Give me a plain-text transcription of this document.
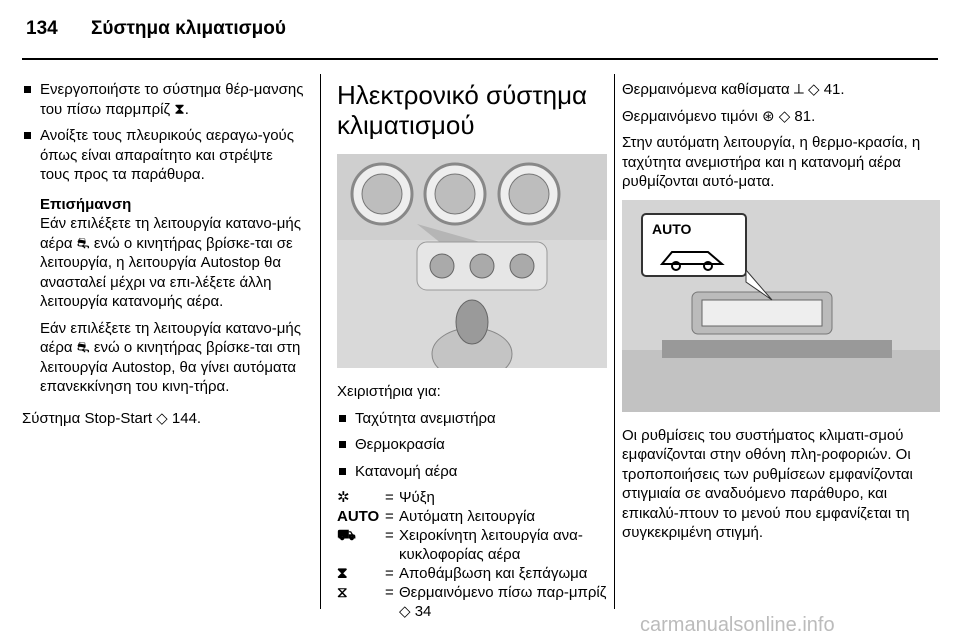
134 Σύστημα κλιματισμού
Ενεργοποιήστε το σύστημα θέρ-μανσης του πίσω παρμπρίζ ⧗.
Ανοίξτε τους πλευρικούς αεραγω-γούς όπως είναι απαραίτητο και στρέψτε τους προς τα παράθυρα.
Επισήμανση

Εάν επιλέξετε τη λειτουργία κατανο-μής αέρα ⛐ ενώ ο κινητήρας βρίσκε-ται σε λειτουργία, η λειτουργία Autostop θα ανασταλεί μέχρι να επι-λέξετε άλλη λειτουργία κατανομής αέρα.

Εάν επιλέξετε τη λειτουργία κατανο-μής αέρα ⛐ ενώ ο κινητήρας βρίσκε-ται στη λειτουργία Autostop, θα γίνει αυτόματα επανεκκίνηση του κινη-τήρα.

Σύστημα Stop-Start ◇ 144.

Ηλεκτρονικό σύστημα κλιματισμού

Χειριστήρια για:

Ταχύτητα ανεμιστήρα
Θερμοκρασία
Κατανομή αέρα
✲	=	Ψύξη
AUTO	=	Αυτόματη λειτουργία
⛟	=	Χειροκίνητη λειτουργία ανα-κυκλοφορίας αέρα
⧗	=	Αποθάμβωση και ξεπάγωμα
⧖	=	Θερμαινόμενο πίσω παρ-μπρίζ ◇ 34

Θερμαινόμενα καθίσματα ⟂ ◇ 41.

Θερμαινόμενο τιμόνι ⊛ ◇ 81.

Στην αυτόματη λειτουργία, η θερμο-κρασία, η ταχύτητα ανεμιστήρα και η κατανομή αέρα ρυθμίζονται αυτό-ματα.

AUTO

Οι ρυθμίσεις του συστήματος κλιματι-σμού εμφανίζονται στην οθόνη πλη-ροφοριών. Οι τροποποιήσεις των ρυθμίσεων εμφανίζονται στιγμιαία σε αναδυόμενο παράθυρο, και επικαλύ-πτουν το μενού που εμφανίζεται τη συγκεκριμένη στιγμή.

carmanualsonline.info
